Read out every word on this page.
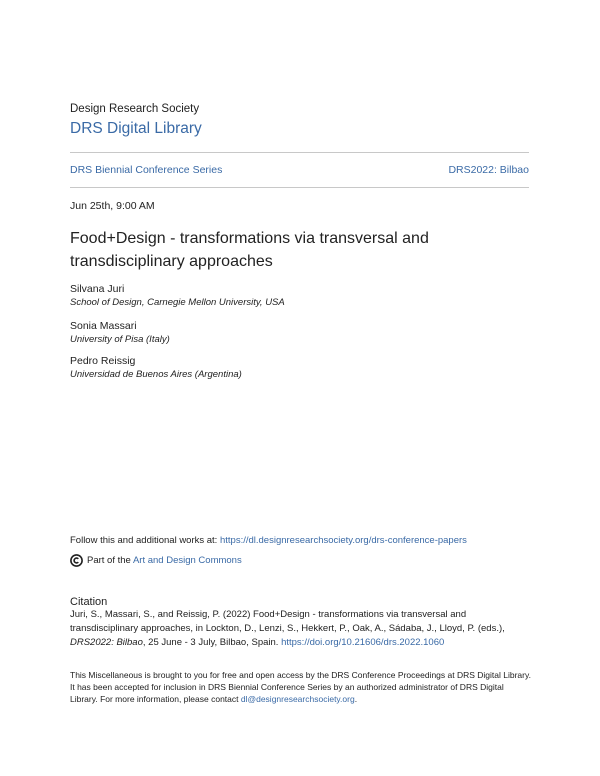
Design Research Society
DRS Digital Library
DRS Biennial Conference Series	DRS2022: Bilbao
Jun 25th, 9:00 AM
Food+Design - transformations via transversal and transdisciplinary approaches
Silvana Juri
School of Design, Carnegie Mellon University, USA
Sonia Massari
University of Pisa (Italy)
Pedro Reissig
Universidad de Buenos Aires (Argentina)
Follow this and additional works at: https://dl.designresearchsociety.org/drs-conference-papers
Part of the Art and Design Commons
Citation
Juri, S., Massari, S., and Reissig, P. (2022) Food+Design - transformations via transversal and transdisciplinary approaches, in Lockton, D., Lenzi, S., Hekkert, P., Oak, A., Sádaba, J., Lloyd, P. (eds.), DRS2022: Bilbao, 25 June - 3 July, Bilbao, Spain. https://doi.org/10.21606/drs.2022.1060
This Miscellaneous is brought to you for free and open access by the DRS Conference Proceedings at DRS Digital Library. It has been accepted for inclusion in DRS Biennial Conference Series by an authorized administrator of DRS Digital Library. For more information, please contact dl@designresearchsociety.org.
